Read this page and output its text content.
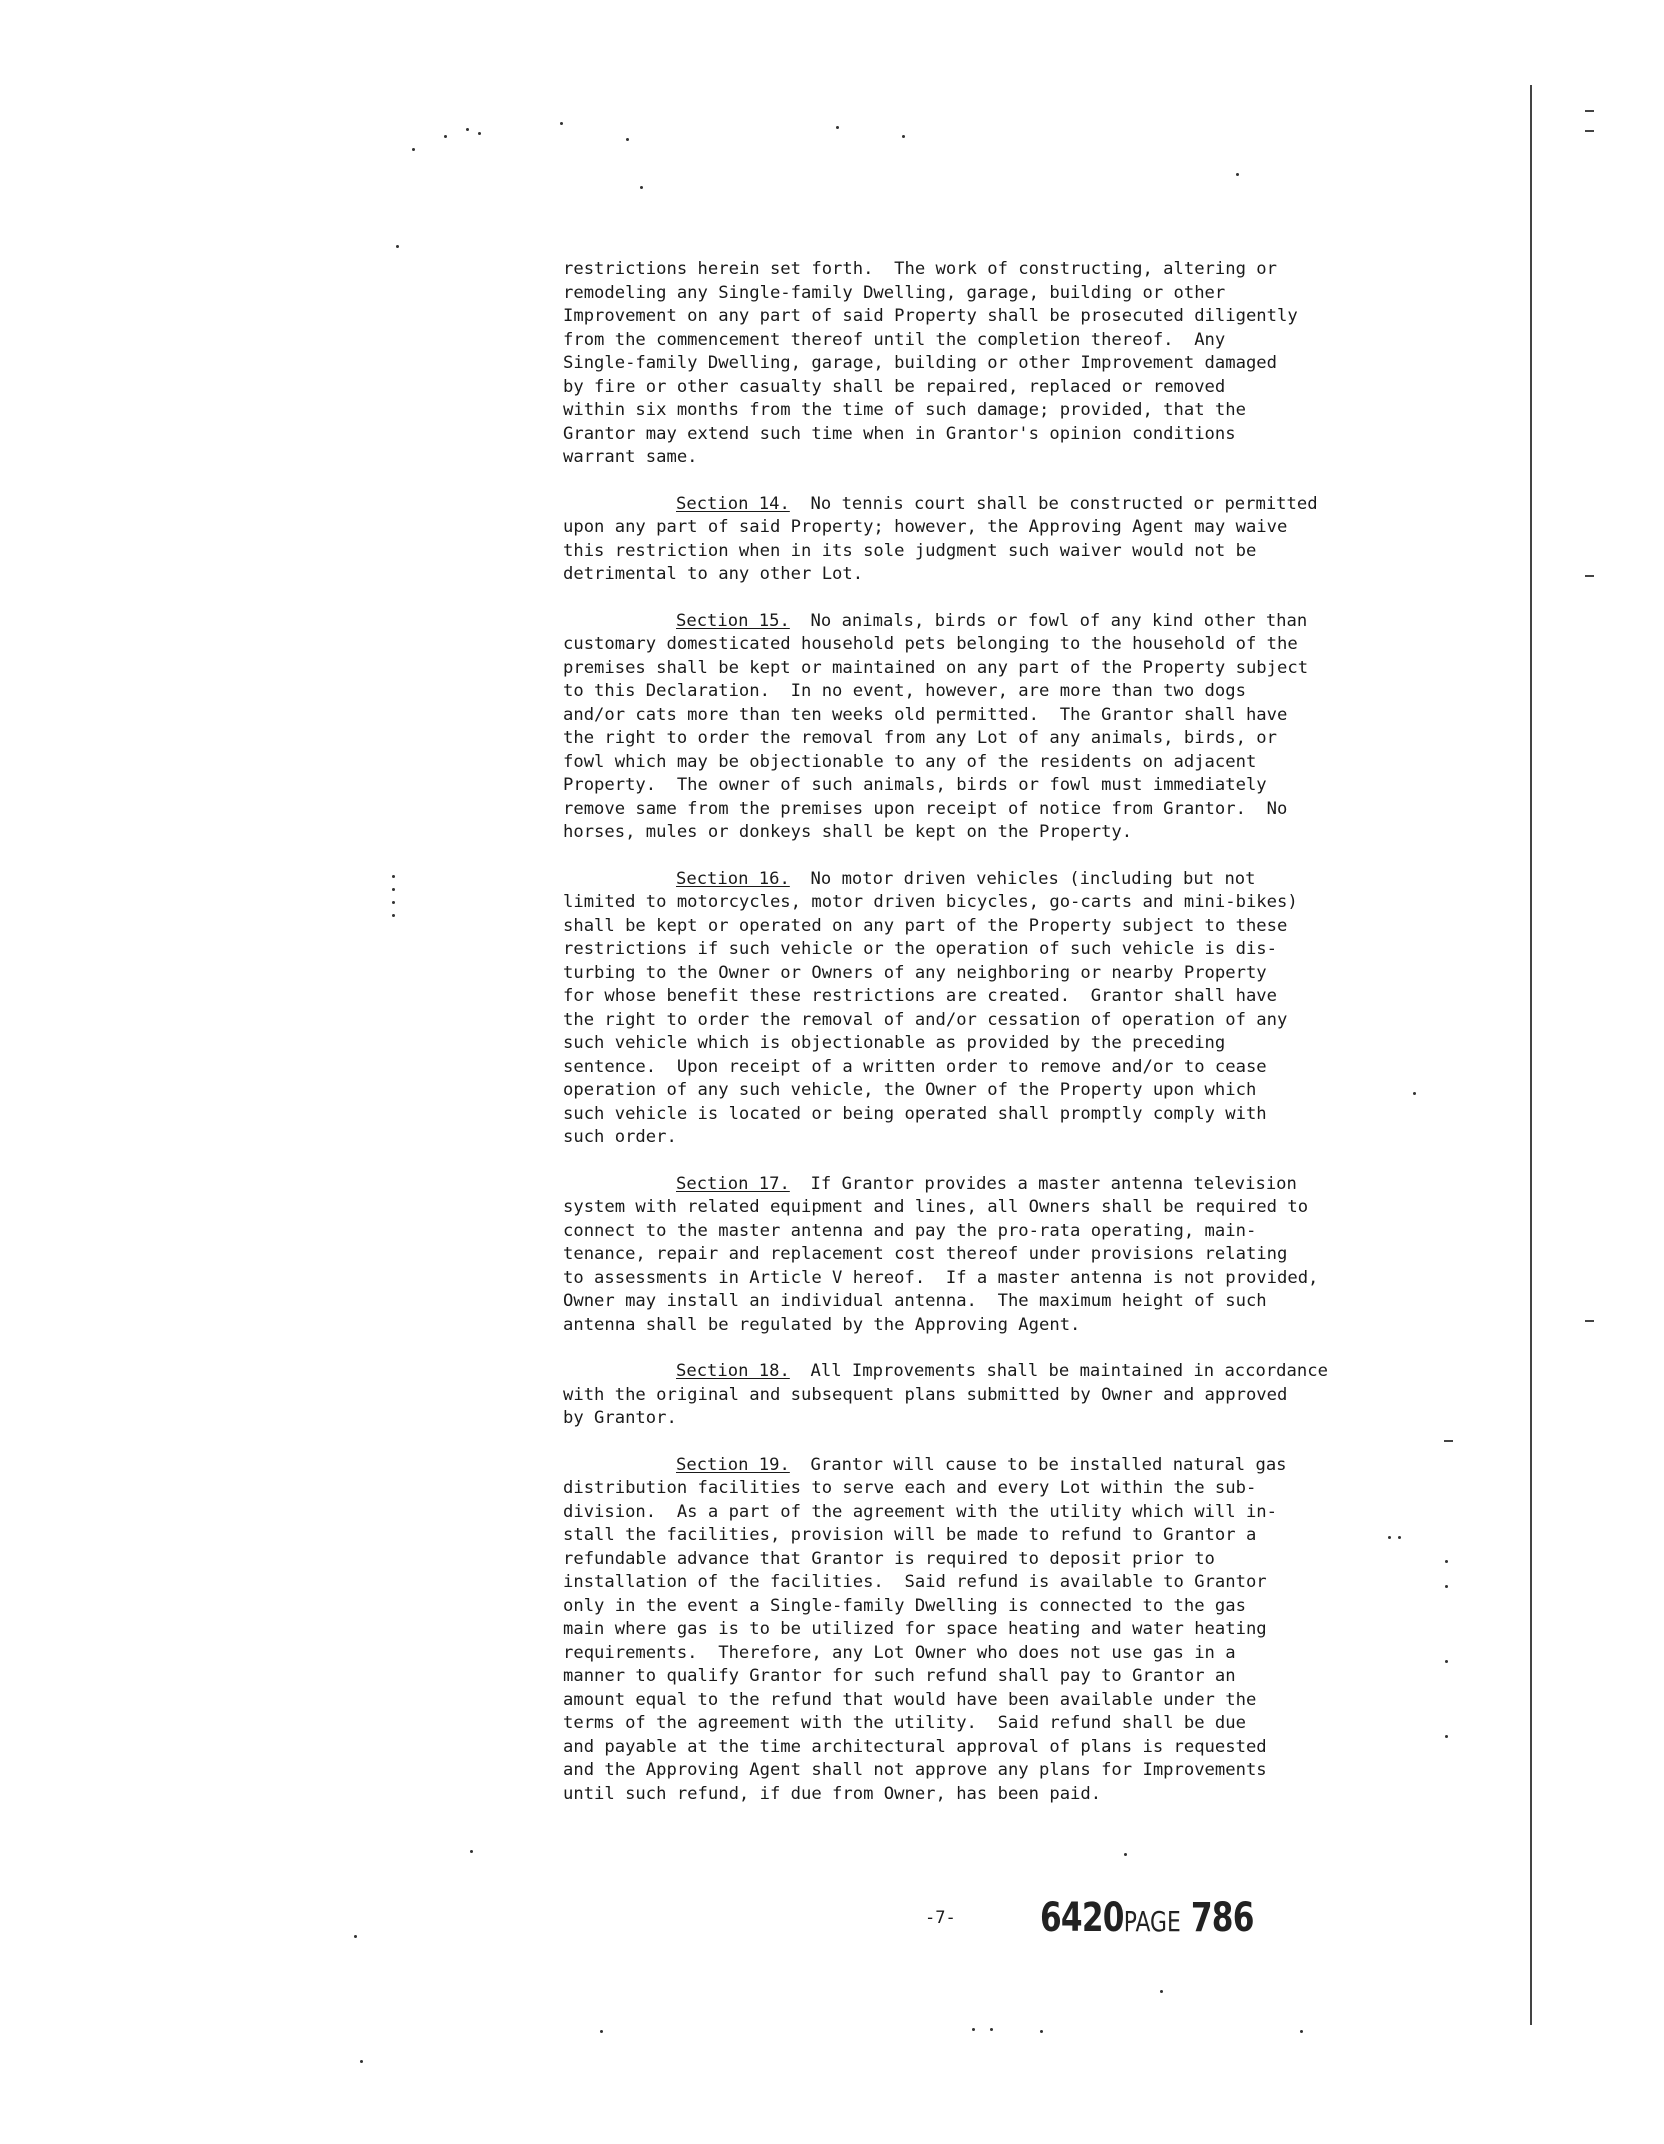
restrictions herein set forth.  The work of constructing, altering or
remodeling any Single-family Dwelling, garage, building or other
Improvement on any part of said Property shall be prosecuted diligently
from the commencement thereof until the completion thereof.  Any
Single-family Dwelling, garage, building or other Improvement damaged
by fire or other casualty shall be repaired, replaced or removed
within six months from the time of such damage; provided, that the
Grantor may extend such time when in Grantor's opinion conditions
warrant same.
Section 14. No tennis court shall be constructed or permitted
upon any part of said Property; however, the Approving Agent may waive
this restriction when in its sole judgment such waiver would not be
detrimental to any other Lot.
Section 15. No animals, birds or fowl of any kind other than
customary domesticated household pets belonging to the household of the
premises shall be kept or maintained on any part of the Property subject
to this Declaration.  In no event, however, are more than two dogs
and/or cats more than ten weeks old permitted.  The Grantor shall have
the right to order the removal from any Lot of any animals, birds, or
fowl which may be objectionable to any of the residents on adjacent
Property.  The owner of such animals, birds or fowl must immediately
remove same from the premises upon receipt of notice from Grantor.  No
horses, mules or donkeys shall be kept on the Property.
Section 16. No motor driven vehicles (including but not
limited to motorcycles, motor driven bicycles, go-carts and mini-bikes)
shall be kept or operated on any part of the Property subject to these
restrictions if such vehicle or the operation of such vehicle is dis-
turbing to the Owner or Owners of any neighboring or nearby Property
for whose benefit these restrictions are created.  Grantor shall have
the right to order the removal of and/or cessation of operation of any
such vehicle which is objectionable as provided by the preceding
sentence.  Upon receipt of a written order to remove and/or to cease
operation of any such vehicle, the Owner of the Property upon which
such vehicle is located or being operated shall promptly comply with
such order.
Section 17. If Grantor provides a master antenna television
system with related equipment and lines, all Owners shall be required to
connect to the master antenna and pay the pro-rata operating, main-
tenance, repair and replacement cost thereof under provisions relating
to assessments in Article V hereof.  If a master antenna is not provided,
Owner may install an individual antenna.  The maximum height of such
antenna shall be regulated by the Approving Agent.
Section 18. All Improvements shall be maintained in accordance
with the original and subsequent plans submitted by Owner and approved
by Grantor.
Section 19. Grantor will cause to be installed natural gas
distribution facilities to serve each and every Lot within the sub-
division.  As a part of the agreement with the utility which will in-
stall the facilities, provision will be made to refund to Grantor a
refundable advance that Grantor is required to deposit prior to
installation of the facilities.  Said refund is available to Grantor
only in the event a Single-family Dwelling is connected to the gas
main where gas is to be utilized for space heating and water heating
requirements.  Therefore, any Lot Owner who does not use gas in a
manner to qualify Grantor for such refund shall pay to Grantor an
amount equal to the refund that would have been available under the
terms of the agreement with the utility.  Said refund shall be due
and payable at the time architectural approval of plans is requested
and the Approving Agent shall not approve any plans for Improvements
until such refund, if due from Owner, has been paid.
-7- 6420PAGE 786
